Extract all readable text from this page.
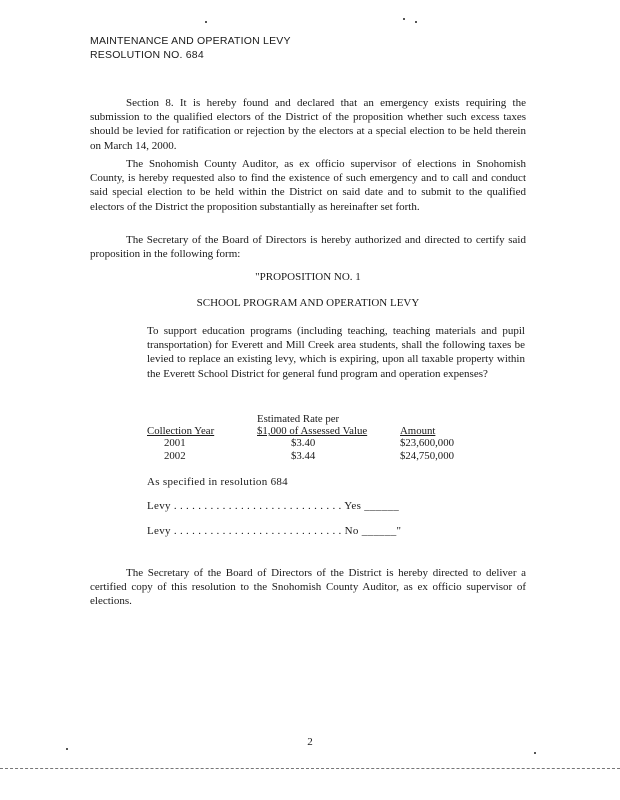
MAINTENANCE AND OPERATION LEVY
RESOLUTION NO. 684
Section 8. It is hereby found and declared that an emergency exists requiring the submission to the qualified electors of the District of the proposition whether such excess taxes should be levied for ratification or rejection by the electors at a special election to be held therein on March 14, 2000.
The Snohomish County Auditor, as ex officio supervisor of elections in Snohomish County, is hereby requested also to find the existence of such emergency and to call and conduct said special election to be held within the District on said date and to submit to the qualified electors of the District the proposition substantially as hereinafter set forth.
The Secretary of the Board of Directors is hereby authorized and directed to certify said proposition in the following form:
"PROPOSITION NO. 1
SCHOOL PROGRAM AND OPERATION LEVY
To support education programs (including teaching, teaching materials and pupil transportation) for Everett and Mill Creek area students, shall the following taxes be levied to replace an existing levy, which is expiring, upon all taxable property within the Everett School District for general fund program and operation expenses?
Estimated Rate per
Collection Year	$1,000 of Assessed Value	Amount
2001	$3.40	$23,600,000
2002	$3.44	$24,750,000
As specified in resolution 684
Levy . . . . . . . . . . . . . . . . . . . . . . . . . . . . Yes ______
Levy . . . . . . . . . . . . . . . . . . . . . . . . . . . . No ______"
The Secretary of the Board of Directors of the District is hereby directed to deliver a certified copy of this resolution to the Snohomish County Auditor, as ex officio supervisor of elections.
2
